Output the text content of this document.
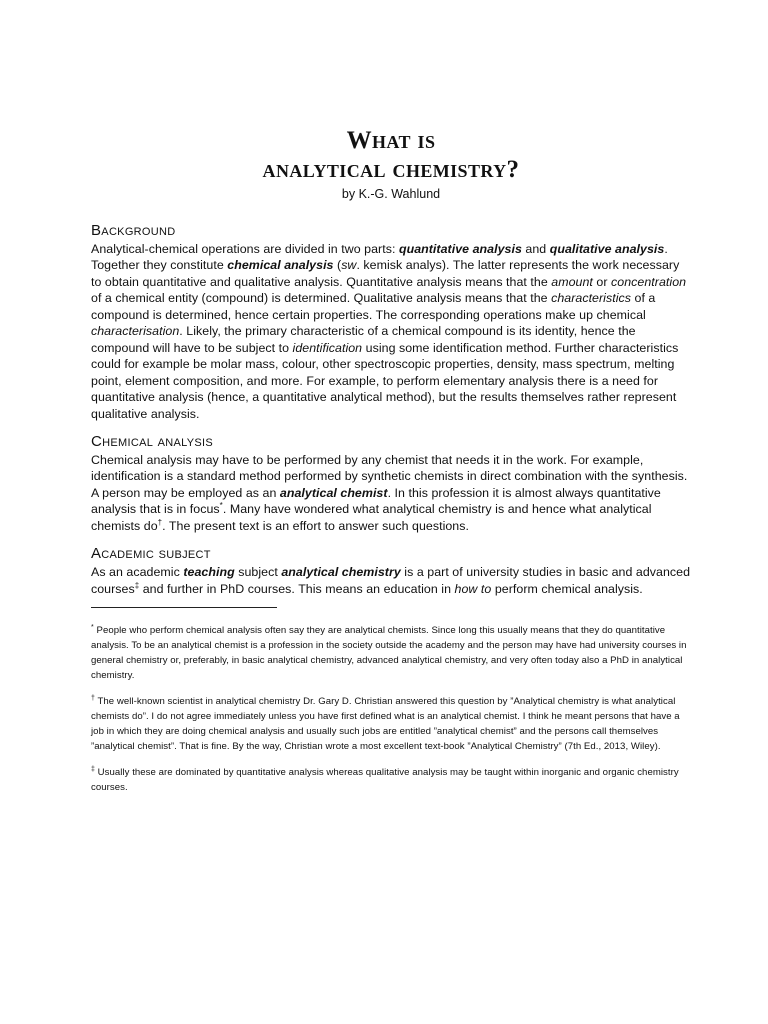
What is
analytical chemistry?
by K.-G. Wahlund
Background

Analytical-chemical operations are divided in two parts: quantitative analysis and qualitative analysis. Together they constitute chemical analysis (sw. kemisk analys). The latter represents the work necessary to obtain quantitative and qualitative analysis. Quantitative analysis means that the amount or concentration of a chemical entity (compound) is determined. Qualitative analysis means that the characteristics of a compound is determined, hence certain properties. The corresponding operations make up chemical characterisation. Likely, the primary characteristic of a chemical compound is its identity, hence the compound will have to be subject to identification using some identification method. Further characteristics could for example be molar mass, colour, other spectroscopic properties, density, mass spectrum, melting point, element composition, and more. For example, to perform elementary analysis there is a need for quantitative analysis (hence, a quantitative analytical method), but the results themselves rather represent qualitative analysis.

Chemical analysis

Chemical analysis may have to be performed by any chemist that needs it in the work. For example, identification is a standard method performed by synthetic chemists in direct combination with the synthesis. A person may be employed as an analytical chemist. In this profession it is almost always quantitative analysis that is in focus*. Many have wondered what analytical chemistry is and hence what analytical chemists do†. The present text is an effort to answer such questions.

Academic subject

As an academic teaching subject analytical chemistry is a part of university studies in basic and advanced courses‡ and further in PhD courses. This means an education in how to perform chemical analysis.

* People who perform chemical analysis often say they are analytical chemists. Since long this usually means that they do quantitative analysis. To be an analytical chemist is a profession in the society outside the academy and the person may have had university courses in general chemistry or, preferably, in basic analytical chemistry, advanced analytical chemistry, and very often today also a PhD in analytical chemistry.

† The well-known scientist in analytical chemistry Dr. Gary D. Christian answered this question by ”Analytical chemistry is what analytical chemists do”. I do not agree immediately unless you have first defined what is an analytical chemist. I think he meant persons that have a job in which they are doing chemical analysis and usually such jobs are entitled ”analytical chemist” and the persons call themselves ”analytical chemist”. That is fine. By the way, Christian wrote a most excellent text-book ”Analytical Chemistry” (7th Ed., 2013, Wiley).

‡ Usually these are dominated by quantitative analysis whereas qualitative analysis may be taught within inorganic and organic chemistry courses.
